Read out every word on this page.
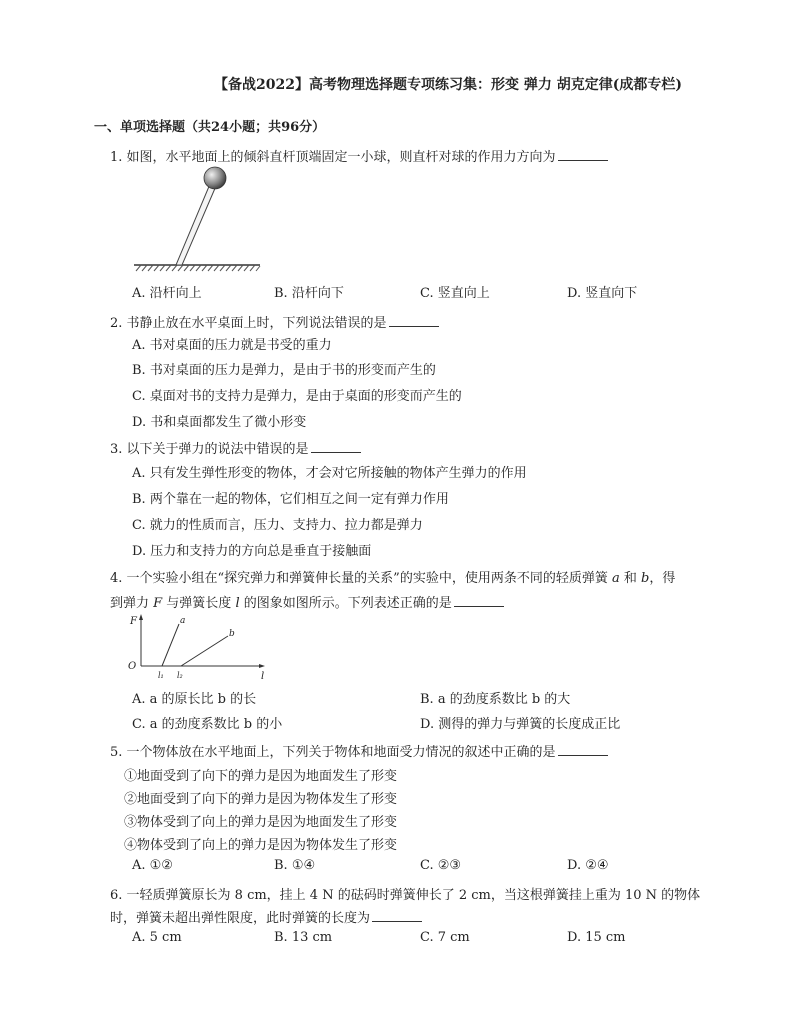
【备战2022】高考物理选择题专项练习集：形变 弹力 胡克定律(成都专栏)
一、单项选择题（共24小题；共96分）
1. 如图，水平地面上的倾斜直杆顶端固定一小球，则直杆对球的作用力方向为
A. 沿杆向上	B. 沿杆向下	C. 竖直向上	D. 竖直向下
2. 书静止放在水平桌面上时，下列说法错误的是
A. 书对桌面的压力就是书受的重力
B. 书对桌面的压力是弹力，是由于书的形变而产生的
C. 桌面对书的支持力是弹力，是由于桌面的形变而产生的
D. 书和桌面都发生了微小形变
3. 以下关于弹力的说法中错误的是
A. 只有发生弹性形变的物体，才会对它所接触的物体产生弹力的作用
B. 两个靠在一起的物体，它们相互之间一定有弹力作用
C. 就力的性质而言，压力、支持力、拉力都是弹力
D. 压力和支持力的方向总是垂直于接触面
4. 一个实验小组在“探究弹力和弹簧伸长量的关系”的实验中，使用两条不同的轻质弹簧 a 和 b，得
到弹力 F 与弹簧长度 l 的图象如图所示。下列表述正确的是
F
l
O
a
b
l₁ l₂
A. a 的原长比 b 的长	B. a 的劲度系数比 b 的大
C. a 的劲度系数比 b 的小	D. 测得的弹力与弹簧的长度成正比
5. 一个物体放在水平地面上，下列关于物体和地面受力情况的叙述中正确的是
①地面受到了向下的弹力是因为地面发生了形变
②地面受到了向下的弹力是因为物体发生了形变
③物体受到了向上的弹力是因为地面发生了形变
④物体受到了向上的弹力是因为物体发生了形变
A. ①②	B. ①④	C. ②③	D. ②④
6. 一轻质弹簧原长为 8 cm，挂上 4 N 的砝码时弹簧伸长了 2 cm，当这根弹簧挂上重为 10 N 的物体
时，弹簧未超出弹性限度，此时弹簧的长度为
A. 5 cm	B. 13 cm	C. 7 cm	D. 15 cm
